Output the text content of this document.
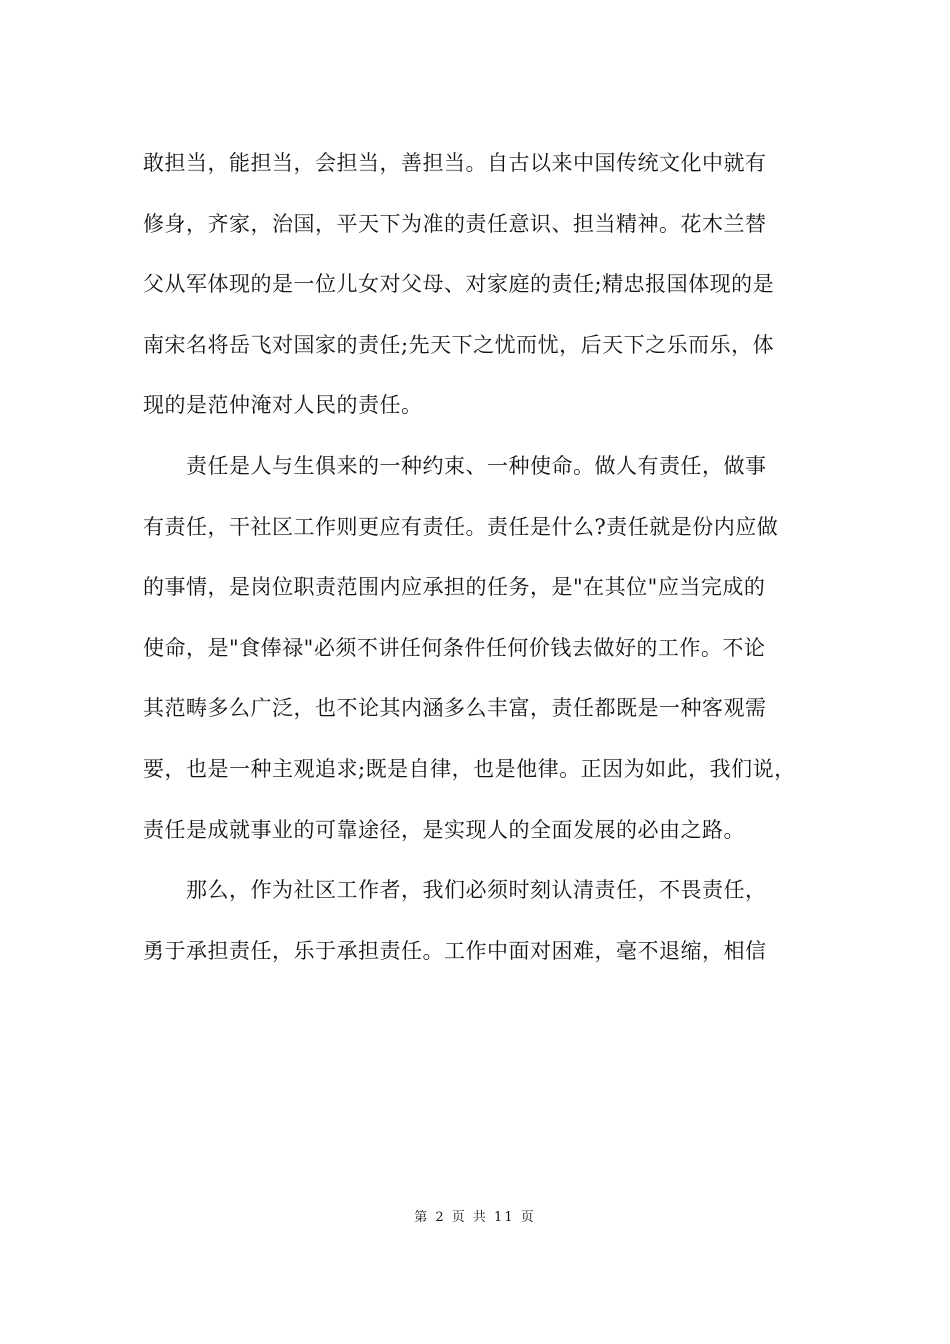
敢担当，能担当，会担当，善担当。自古以来中国传统文化中就有
修身，齐家，治国，平天下为准的责任意识、担当精神。花木兰替
父从军体现的是一位儿女对父母、对家庭的责任;精忠报国体现的是
南宋名将岳飞对国家的责任;先天下之忧而忧，后天下之乐而乐，体
现的是范仲淹对人民的责任。
　　责任是人与生俱来的一种约束、一种使命。做人有责任，做事
有责任，干社区工作则更应有责任。责任是什么?责任就是份内应做
的事情，是岗位职责范围内应承担的任务，是"在其位"应当完成的
使命，是"食俸禄"必须不讲任何条件任何价钱去做好的工作。不论
其范畴多么广泛，也不论其内涵多么丰富，责任都既是一种客观需
要，也是一种主观追求;既是自律，也是他律。正因为如此，我们说，
责任是成就事业的可靠途径，是实现人的全面发展的必由之路。
　　那么，作为社区工作者，我们必须时刻认清责任，不畏责任，
勇于承担责任，乐于承担责任。工作中面对困难，毫不退缩，相信
第 2 页 共 11 页
